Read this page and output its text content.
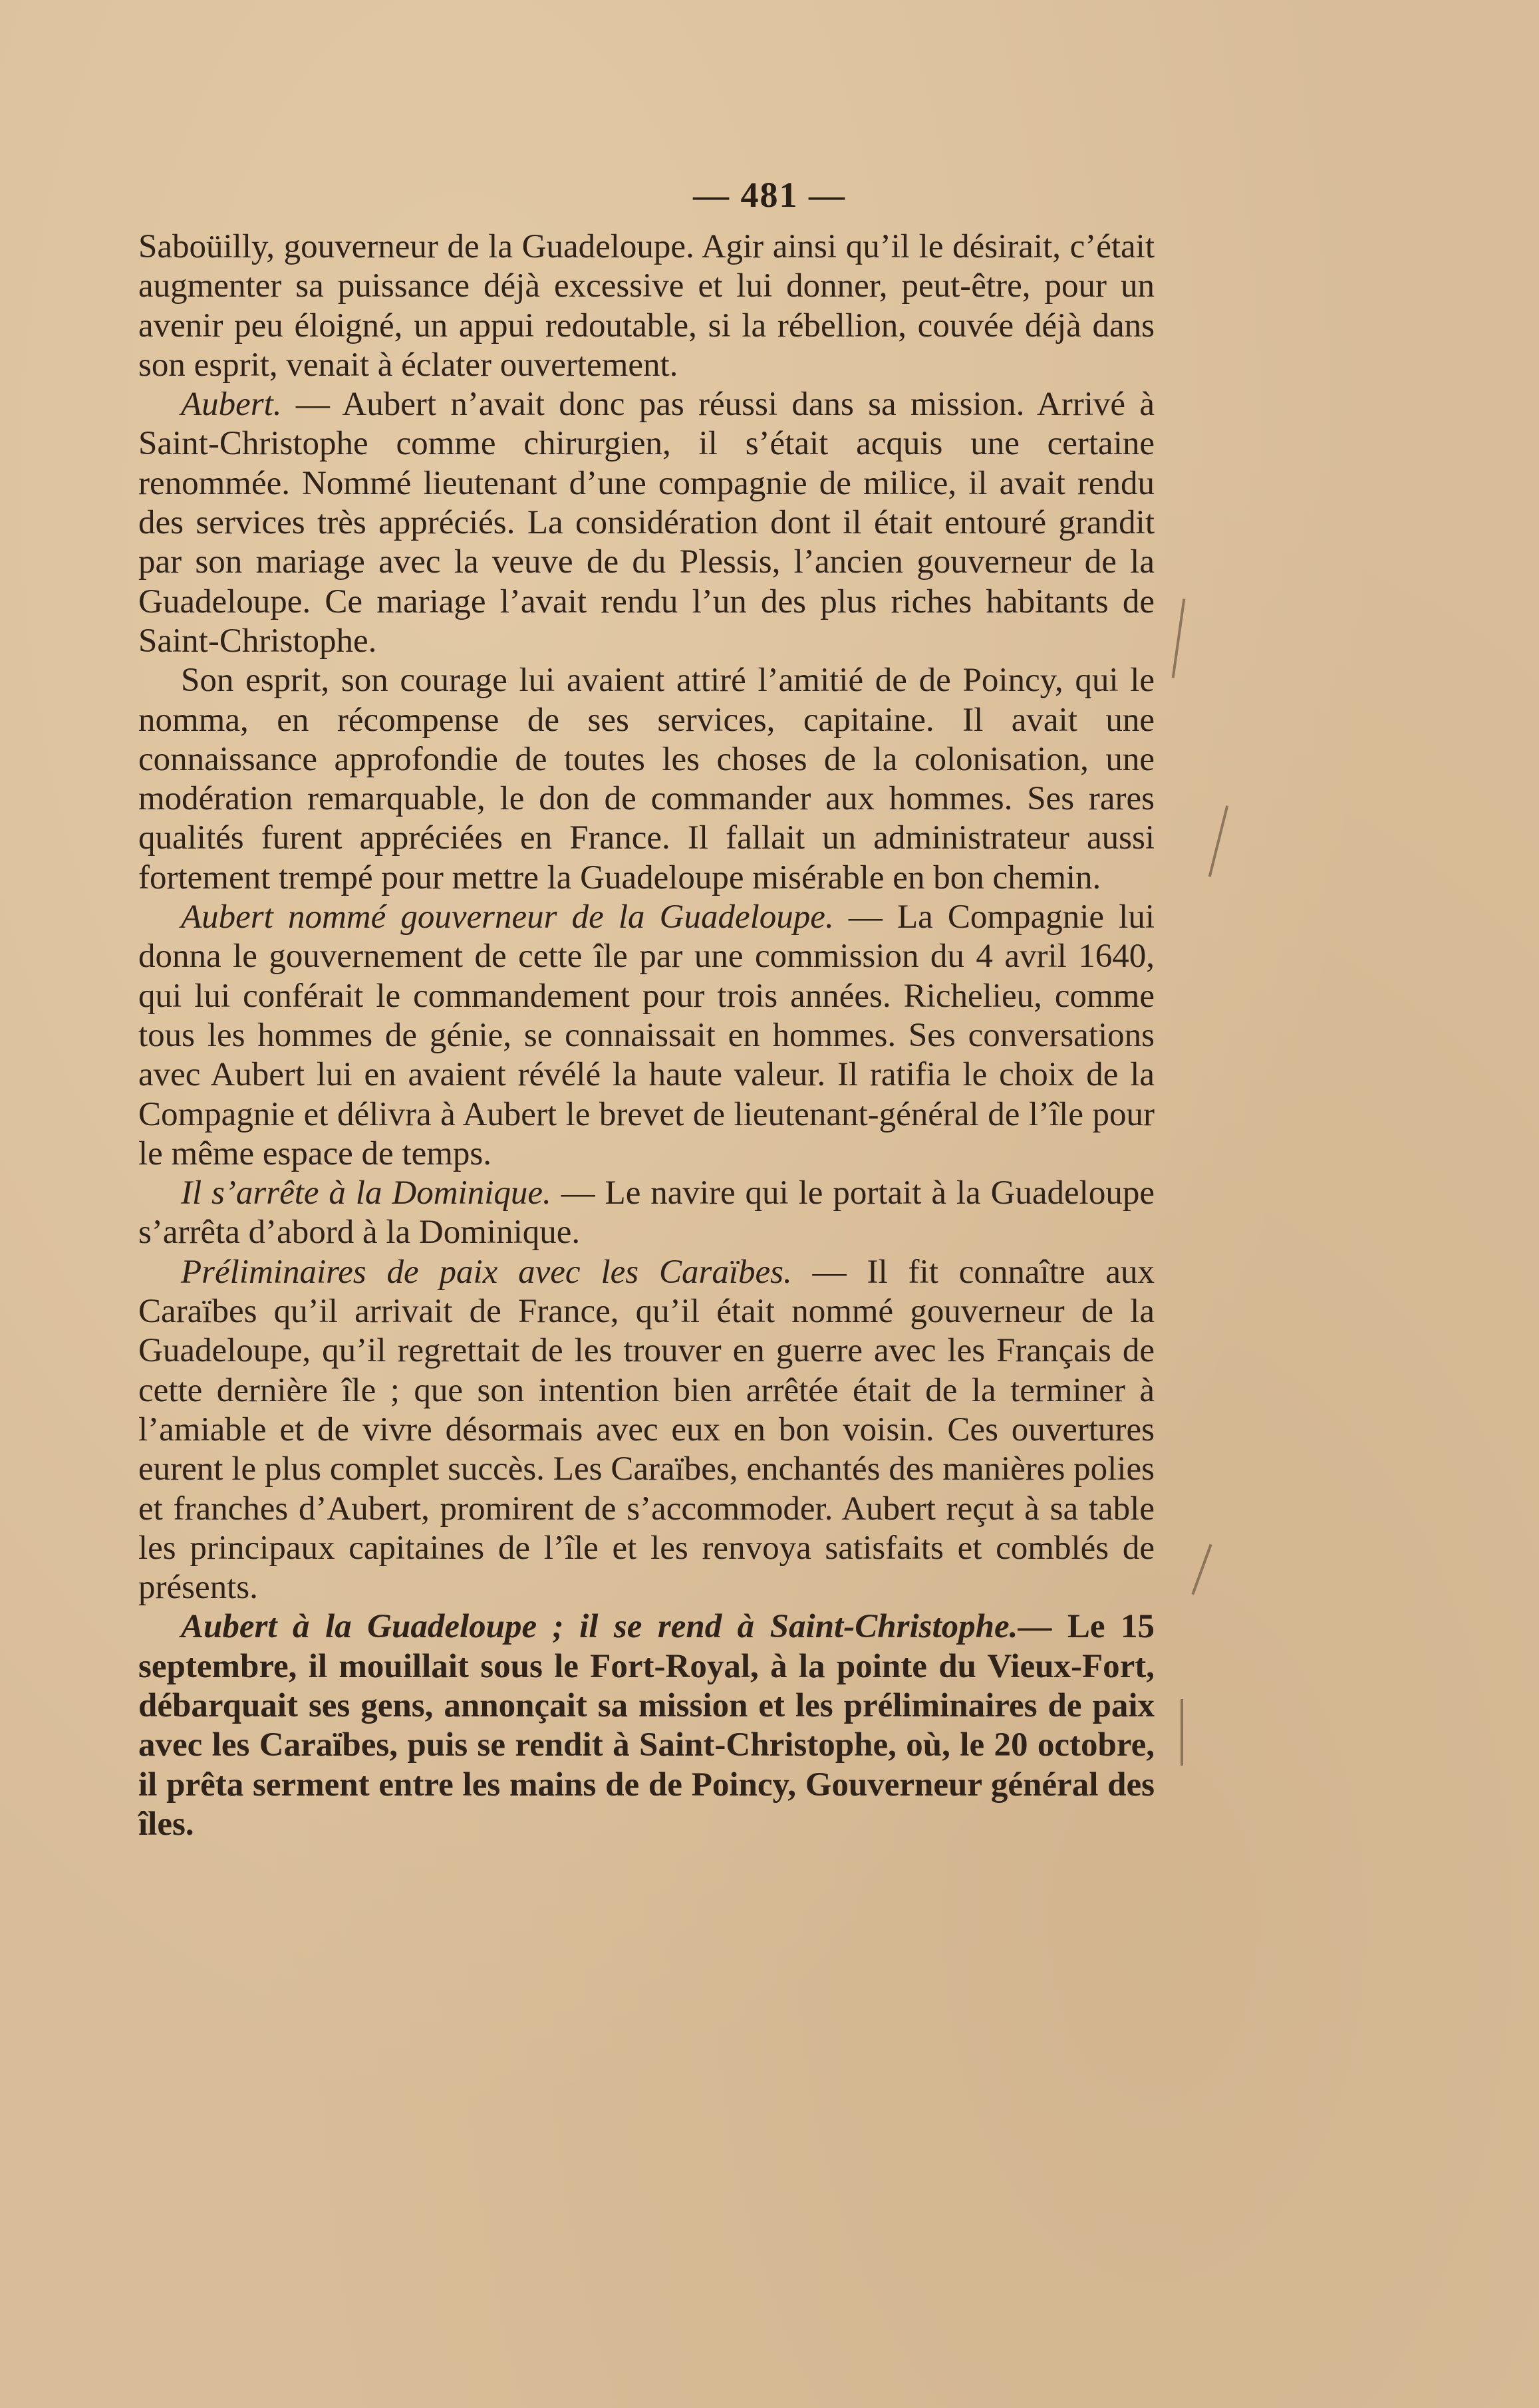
— 481 —

Saboüilly, gouverneur de la Guadeloupe. Agir ainsi qu’il le désirait, c’était augmenter sa puissance déjà excessive et lui donner, peut-être, pour un avenir peu éloigné, un appui redoutable, si la rébellion, couvée déjà dans son esprit, venait à éclater ouvertement.

Aubert. — Aubert n’avait donc pas réussi dans sa mission. Arrivé à Saint-Christophe comme chirurgien, il s’était acquis une certaine renommée. Nommé lieutenant d’une compagnie de milice, il avait rendu des services très appréciés. La considération dont il était entouré grandit par son mariage avec la veuve de du Plessis, l’ancien gouverneur de la Guadeloupe. Ce mariage l’avait rendu l’un des plus riches habitants de Saint-Christophe.

Son esprit, son courage lui avaient attiré l’amitié de de Poincy, qui le nomma, en récompense de ses services, capitaine. Il avait une connaissance approfondie de toutes les choses de la colonisation, une modération remarquable, le don de commander aux hommes. Ses rares qualités furent appréciées en France. Il fallait un administrateur aussi fortement trempé pour mettre la Guadeloupe misérable en bon chemin.

Aubert nommé gouverneur de la Guadeloupe. — La Compagnie lui donna le gouvernement de cette île par une commission du 4 avril 1640, qui lui conférait le commandement pour trois années. Richelieu, comme tous les hommes de génie, se connaissait en hommes. Ses conversations avec Aubert lui en avaient révélé la haute valeur. Il ratifia le choix de la Compagnie et délivra à Aubert le brevet de lieutenant-général de l’île pour le même espace de temps.

Il s’arrête à la Dominique. — Le navire qui le portait à la Guadeloupe s’arrêta d’abord à la Dominique.

Préliminaires de paix avec les Caraïbes. — Il fit connaître aux Caraïbes qu’il arrivait de France, qu’il était nommé gouverneur de la Guadeloupe, qu’il regrettait de les trouver en guerre avec les Français de cette dernière île ; que son intention bien arrêtée était de la terminer à l’amiable et de vivre désormais avec eux en bon voisin. Ces ouvertures eurent le plus complet succès. Les Caraïbes, enchantés des manières polies et franches d’Aubert, promirent de s’accommoder. Aubert reçut à sa table les principaux capitaines de l’île et les renvoya satisfaits et comblés de présents.

Aubert à la Guadeloupe ; il se rend à Saint-Christophe.— Le 15 septembre, il mouillait sous le Fort-Royal, à la pointe du Vieux-Fort, débarquait ses gens, annonçait sa mission et les préliminaires de paix avec les Caraïbes, puis se rendit à Saint-Christophe, où, le 20 octobre, il prêta serment entre les mains de de Poincy, Gouverneur général des îles.
